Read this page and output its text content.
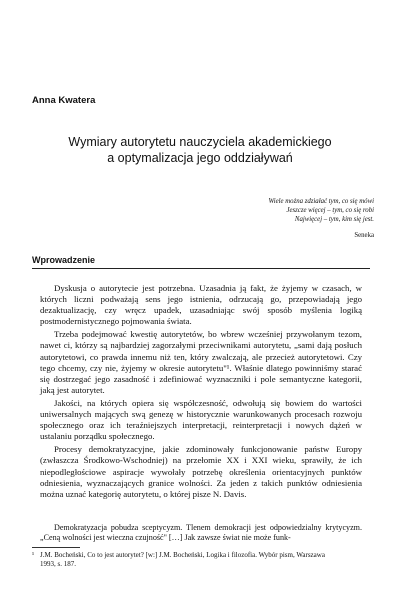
Anna Kwatera
Wymiary autorytetu nauczyciela akademickiego
a optymalizacja jego oddziaływań
Wiele można zdziałać tym, co się mówi
Jeszcze więcej – tym, co się robi
Najwięcej – tym, kim się jest.
Seneka
Wprowadzenie

Dyskusja o autorytecie jest potrzebna. Uzasadnia ją fakt, że żyjemy w czasach, w których liczni podważają sens jego istnienia, odrzucają go, przepowiadają jego dezaktualizację, czy wręcz upadek, uzasadniając swój sposób myślenia logiką postmodernistycznego pojmowania świata.

Trzeba podejmować kwestię autorytetów, bo wbrew wcześniej przywołanym tezom, nawet ci, którzy są najbardziej zagorzałymi przeciwnikami autorytetu, „sami dają posłuch autorytetowi, co prawda innemu niż ten, który zwalczają, ale przecież autorytetowi. Czy tego chcemy, czy nie, żyjemy w okresie autorytetu"¹. Właśnie dlatego powinniśmy starać się dostrzegać jego zasadność i zdefiniować wyznaczniki i pole semantyczne kategorii, jaką jest autorytet.

Jakości, na których opiera się współczesność, odwołują się bowiem do wartości uniwersalnych mających swą genezę w historycznie warunkowanych procesach rozwoju społecznego oraz ich teraźniejszych interpretacji, reinterpretacji i nowych dążeń w ustalaniu porządku społecznego.

Procesy demokratyzacyjne, jakie zdominowały funkcjonowanie państw Europy (zwłaszcza Środkowo-Wschodniej) na przełomie XX i XXI wieku, sprawiły, że ich niepodległościowe aspiracje wywołały potrzebę określenia orientacyjnych punktów odniesienia, wyznaczających granice wolności. Za jeden z takich punktów odniesienia można uznać kategorię autorytetu, o której pisze N. Davis.

Demokratyzacja pobudza sceptycyzm. Tlenem demokracji jest odpowiedzialny krytycyzm. „Ceną wolności jest wieczna czujność" […] Jak zawsze świat nie może funk-

¹ J.M. Bocheński, Co to jest autorytet? [w:] J.M. Bocheński, Logika i filozofia. Wybór pism, Warszawa
1993, s. 187.
